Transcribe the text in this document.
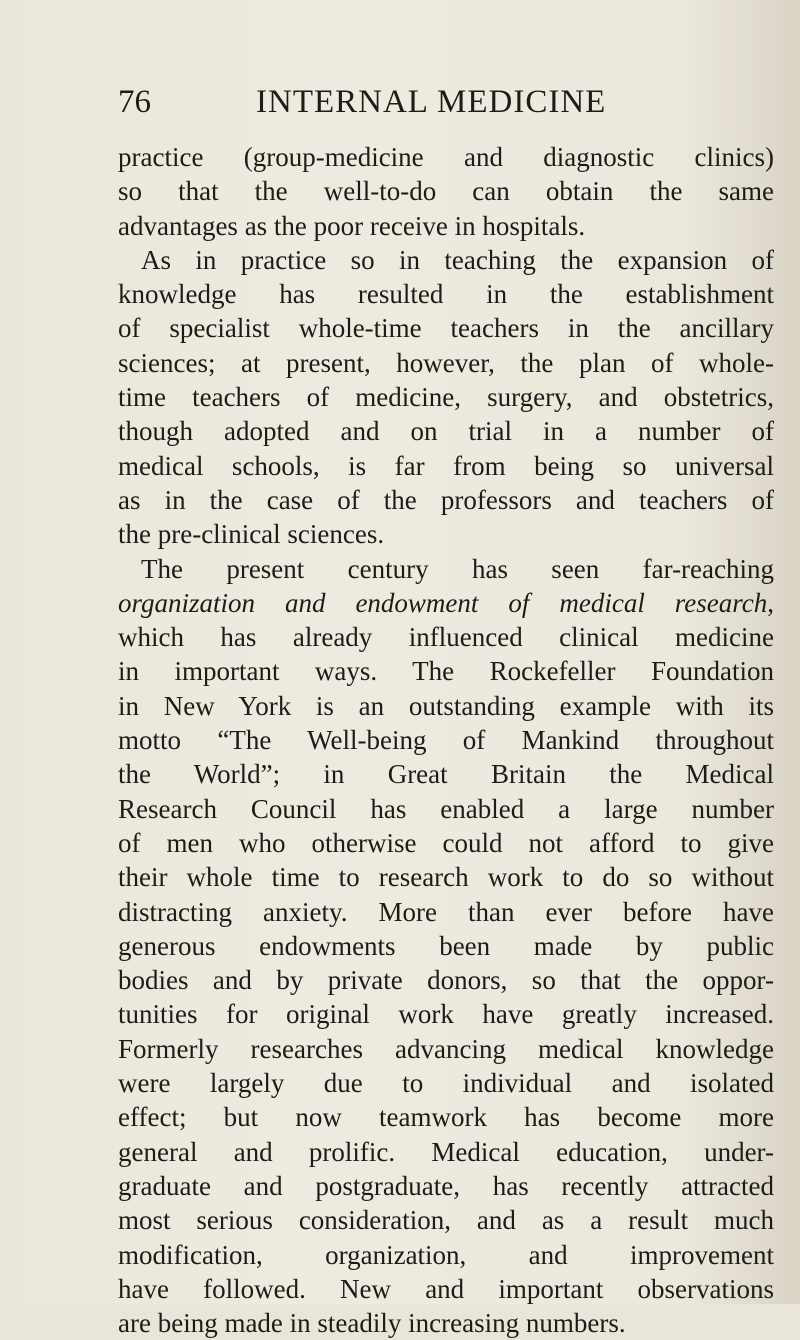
76	INTERNAL MEDICINE
practice (group-medicine and diagnostic clinics)
so that the well-to-do can obtain the same
advantages as the poor receive in hospitals.
As in practice so in teaching the expansion of
knowledge has resulted in the establishment
of specialist whole-time teachers in the ancillary
sciences; at present, however, the plan of whole-
time teachers of medicine, surgery, and obstetrics,
though adopted and on trial in a number of
medical schools, is far from being so universal
as in the case of the professors and teachers of
the pre-clinical sciences.
The present century has seen far-reaching
organization and endowment of medical research,
which has already influenced clinical medicine
in important ways. The Rockefeller Foundation
in New York is an outstanding example with its
motto “The Well-being of Mankind throughout
the World”; in Great Britain the Medical
Research Council has enabled a large number
of men who otherwise could not afford to give
their whole time to research work to do so without
distracting anxiety. More than ever before have
generous endowments been made by public
bodies and by private donors, so that the oppor-
tunities for original work have greatly increased.
Formerly researches advancing medical knowledge
were largely due to individual and isolated
effect; but now teamwork has become more
general and prolific. Medical education, under-
graduate and postgraduate, has recently attracted
most serious consideration, and as a result much
modification, organization, and improvement
have followed. New and important observations
are being made in steadily increasing numbers.
